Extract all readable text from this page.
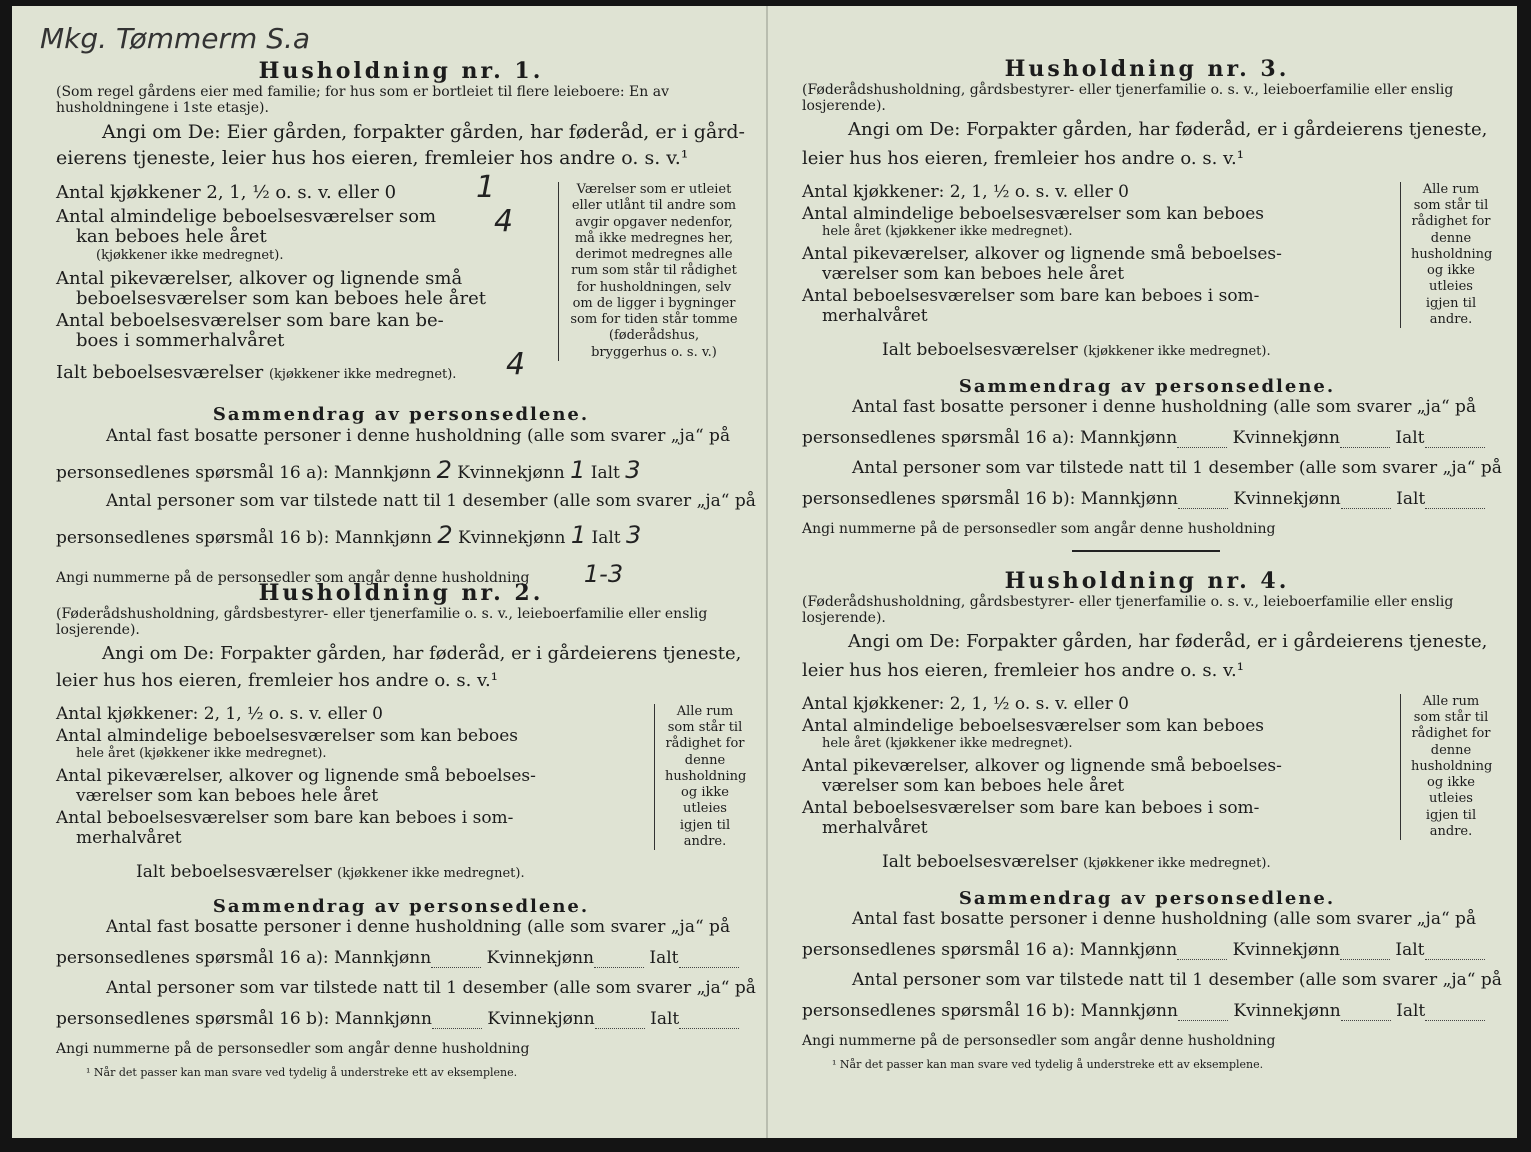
Mkg. Tømmerm S.a
Husholdning nr. 1.
(Som regel gårdens eier med familie; for hus som er bortleiet til flere leieboere: En av husholdningene i 1ste etasje).
Angi om De: Eier gården, forpakter gården, har føderåd, er i gård-
eierens tjeneste, leier hus hos eieren, fremleier hos andre o. s. v.¹
Antal kjøkkener 2, 1, ½ o. s. v. eller 0	1
Antal almindelige beboelsesværelser som
kan beboes hele året
(kjøkkener ikke medregnet).
4
Antal pikeværelser, alkover og lignende små
beboelsesværelser som kan beboes hele året
Antal beboelsesværelser som bare kan be-
boes i sommerhalvåret
Ialt beboelsesværelser (kjøkkener ikke medregnet). 4
Værelser som er utleiet eller utlånt til andre som avgir opgaver nedenfor, må ikke medregnes her, derimot medregnes alle rum som står til rådighet for husholdningen, selv om de ligger i bygninger som for tiden står tomme (føderådshus, bryggerhus o. s. v.)
Sammendrag av personsedlene.
Antal fast bosatte personer i denne husholdning (alle som svarer „ja“ på
personsedlenes spørsmål 16 a): Mannkjønn 2 Kvinnekjønn 1 Ialt 3
Antal personer som var tilstede natt til 1 desember (alle som svarer „ja“ på
personsedlenes spørsmål 16 b): Mannkjønn 2 Kvinnekjønn 1 Ialt 3
Angi nummerne på de personsedler som angår denne husholdning 1-3
Husholdning nr. 2.
(Føderådshusholdning, gårdsbestyrer- eller tjenerfamilie o. s. v., leieboerfamilie eller enslig losjerende).
Angi om De: Forpakter gården, har føderåd, er i gårdeierens tjeneste,
leier hus hos eieren, fremleier hos andre o. s. v.¹
Antal kjøkkener: 2, 1, ½ o. s. v. eller 0
Antal almindelige beboelsesværelser som kan beboes
hele året (kjøkkener ikke medregnet).
Antal pikeværelser, alkover og lignende små beboelses-
værelser som kan beboes hele året
Antal beboelsesværelser som bare kan beboes i som-
merhalvåret
Ialt beboelsesværelser (kjøkkener ikke medregnet).
Alle rum som står til rådighet for denne husholdning og ikke utleies igjen til andre.
Sammendrag av personsedlene.
Antal fast bosatte personer i denne husholdning (alle som svarer „ja“ på
personsedlenes spørsmål 16 a): Mannkjønn	Kvinnekjønn	Ialt
Antal personer som var tilstede natt til 1 desember (alle som svarer „ja“ på
personsedlenes spørsmål 16 b): Mannkjønn	Kvinnekjønn	Ialt
Angi nummerne på de personsedler som angår denne husholdning
¹ Når det passer kan man svare ved tydelig å understreke ett av eksemplene.
Husholdning nr. 3.
(Føderådshusholdning, gårdsbestyrer- eller tjenerfamilie o. s. v., leieboerfamilie eller enslig losjerende).
Angi om De: Forpakter gården, har føderåd, er i gårdeierens tjeneste,
leier hus hos eieren, fremleier hos andre o. s. v.¹
Antal kjøkkener: 2, 1, ½ o. s. v. eller 0
Antal almindelige beboelsesværelser som kan beboes
hele året (kjøkkener ikke medregnet).
Antal pikeværelser, alkover og lignende små beboelses-
værelser som kan beboes hele året
Antal beboelsesværelser som bare kan beboes i som-
merhalvåret
Ialt beboelsesværelser (kjøkkener ikke medregnet).
Alle rum som står til rådighet for denne husholdning og ikke utleies igjen til andre.
Sammendrag av personsedlene.
Antal fast bosatte personer i denne husholdning (alle som svarer „ja“ på
personsedlenes spørsmål 16 a): Mannkjønn	Kvinnekjønn	Ialt
Antal personer som var tilstede natt til 1 desember (alle som svarer „ja“ på
personsedlenes spørsmål 16 b): Mannkjønn	Kvinnekjønn	Ialt
Angi nummerne på de personsedler som angår denne husholdning
Husholdning nr. 4.
(Føderådshusholdning, gårdsbestyrer- eller tjenerfamilie o. s. v., leieboerfamilie eller enslig losjerende).
Angi om De: Forpakter gården, har føderåd, er i gårdeierens tjeneste,
leier hus hos eieren, fremleier hos andre o. s. v.¹
Antal kjøkkener: 2, 1, ½ o. s. v. eller 0
Antal almindelige beboelsesværelser som kan beboes
hele året (kjøkkener ikke medregnet).
Antal pikeværelser, alkover og lignende små beboelses-
værelser som kan beboes hele året
Antal beboelsesværelser som bare kan beboes i som-
merhalvåret
Ialt beboelsesværelser (kjøkkener ikke medregnet).
Alle rum som står til rådighet for denne husholdning og ikke utleies igjen til andre.
Sammendrag av personsedlene.
Antal fast bosatte personer i denne husholdning (alle som svarer „ja“ på
personsedlenes spørsmål 16 a): Mannkjønn	Kvinnekjønn	Ialt
Antal personer som var tilstede natt til 1 desember (alle som svarer „ja“ på
personsedlenes spørsmål 16 b): Mannkjønn	Kvinnekjønn	Ialt
Angi nummerne på de personsedler som angår denne husholdning
¹ Når det passer kan man svare ved tydelig å understreke ett av eksemplene.
